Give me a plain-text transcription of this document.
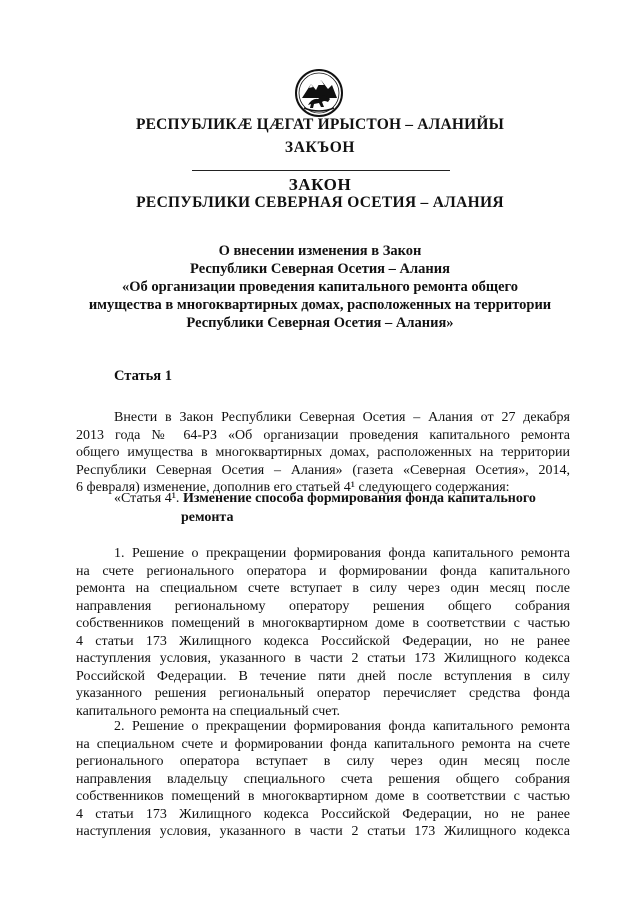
РЕСПУБЛИКӔ ЦӔГАТ ИРЫСТОН – АЛАНИЙЫ
ЗАКЪОН
ЗАКОН
РЕСПУБЛИКИ СЕВЕРНАЯ ОСЕТИЯ – АЛАНИЯ
О внесении изменения в Закон
Республики Северная Осетия – Алания
«Об организации проведения капитального ремонта общего
имущества в многоквартирных домах, расположенных на территории
Республики Северная Осетия – Алания»
Статья 1
Внести в Закон Республики Северная Осетия – Алания от 27 декабря
2013 года № 64-РЗ «Об организации проведения капитального ремонта
общего имущества в многоквартирных домах, расположенных на территории
Республики Северная Осетия – Алания» (газета «Северная Осетия», 2014,
6 февраля) изменение, дополнив его статьей 4¹ следующего содержания:
«Статья 4¹. Изменение способа формирования фонда капитального
ремонта
1. Решение о прекращении формирования фонда капитального ремонта
на счете регионального оператора и формировании фонда капитального
ремонта на специальном счете вступает в силу через один месяц после
направления региональному оператору решения общего собрания
собственников помещений в многоквартирном доме в соответствии с частью
4 статьи 173 Жилищного кодекса Российской Федерации, но не ранее
наступления условия, указанного в части 2 статьи 173 Жилищного кодекса
Российской Федерации. В течение пяти дней после вступления в силу
указанного решения региональный оператор перечисляет средства фонда
капитального ремонта на специальный счет.
2. Решение о прекращении формирования фонда капитального ремонта
на специальном счете и формировании фонда капитального ремонта на счете
регионального оператора вступает в силу через один месяц после
направления владельцу специального счета решения общего собрания
собственников помещений в многоквартирном доме в соответствии с частью
4 статьи 173 Жилищного кодекса Российской Федерации, но не ранее
наступления условия, указанного в части 2 статьи 173 Жилищного кодекса
